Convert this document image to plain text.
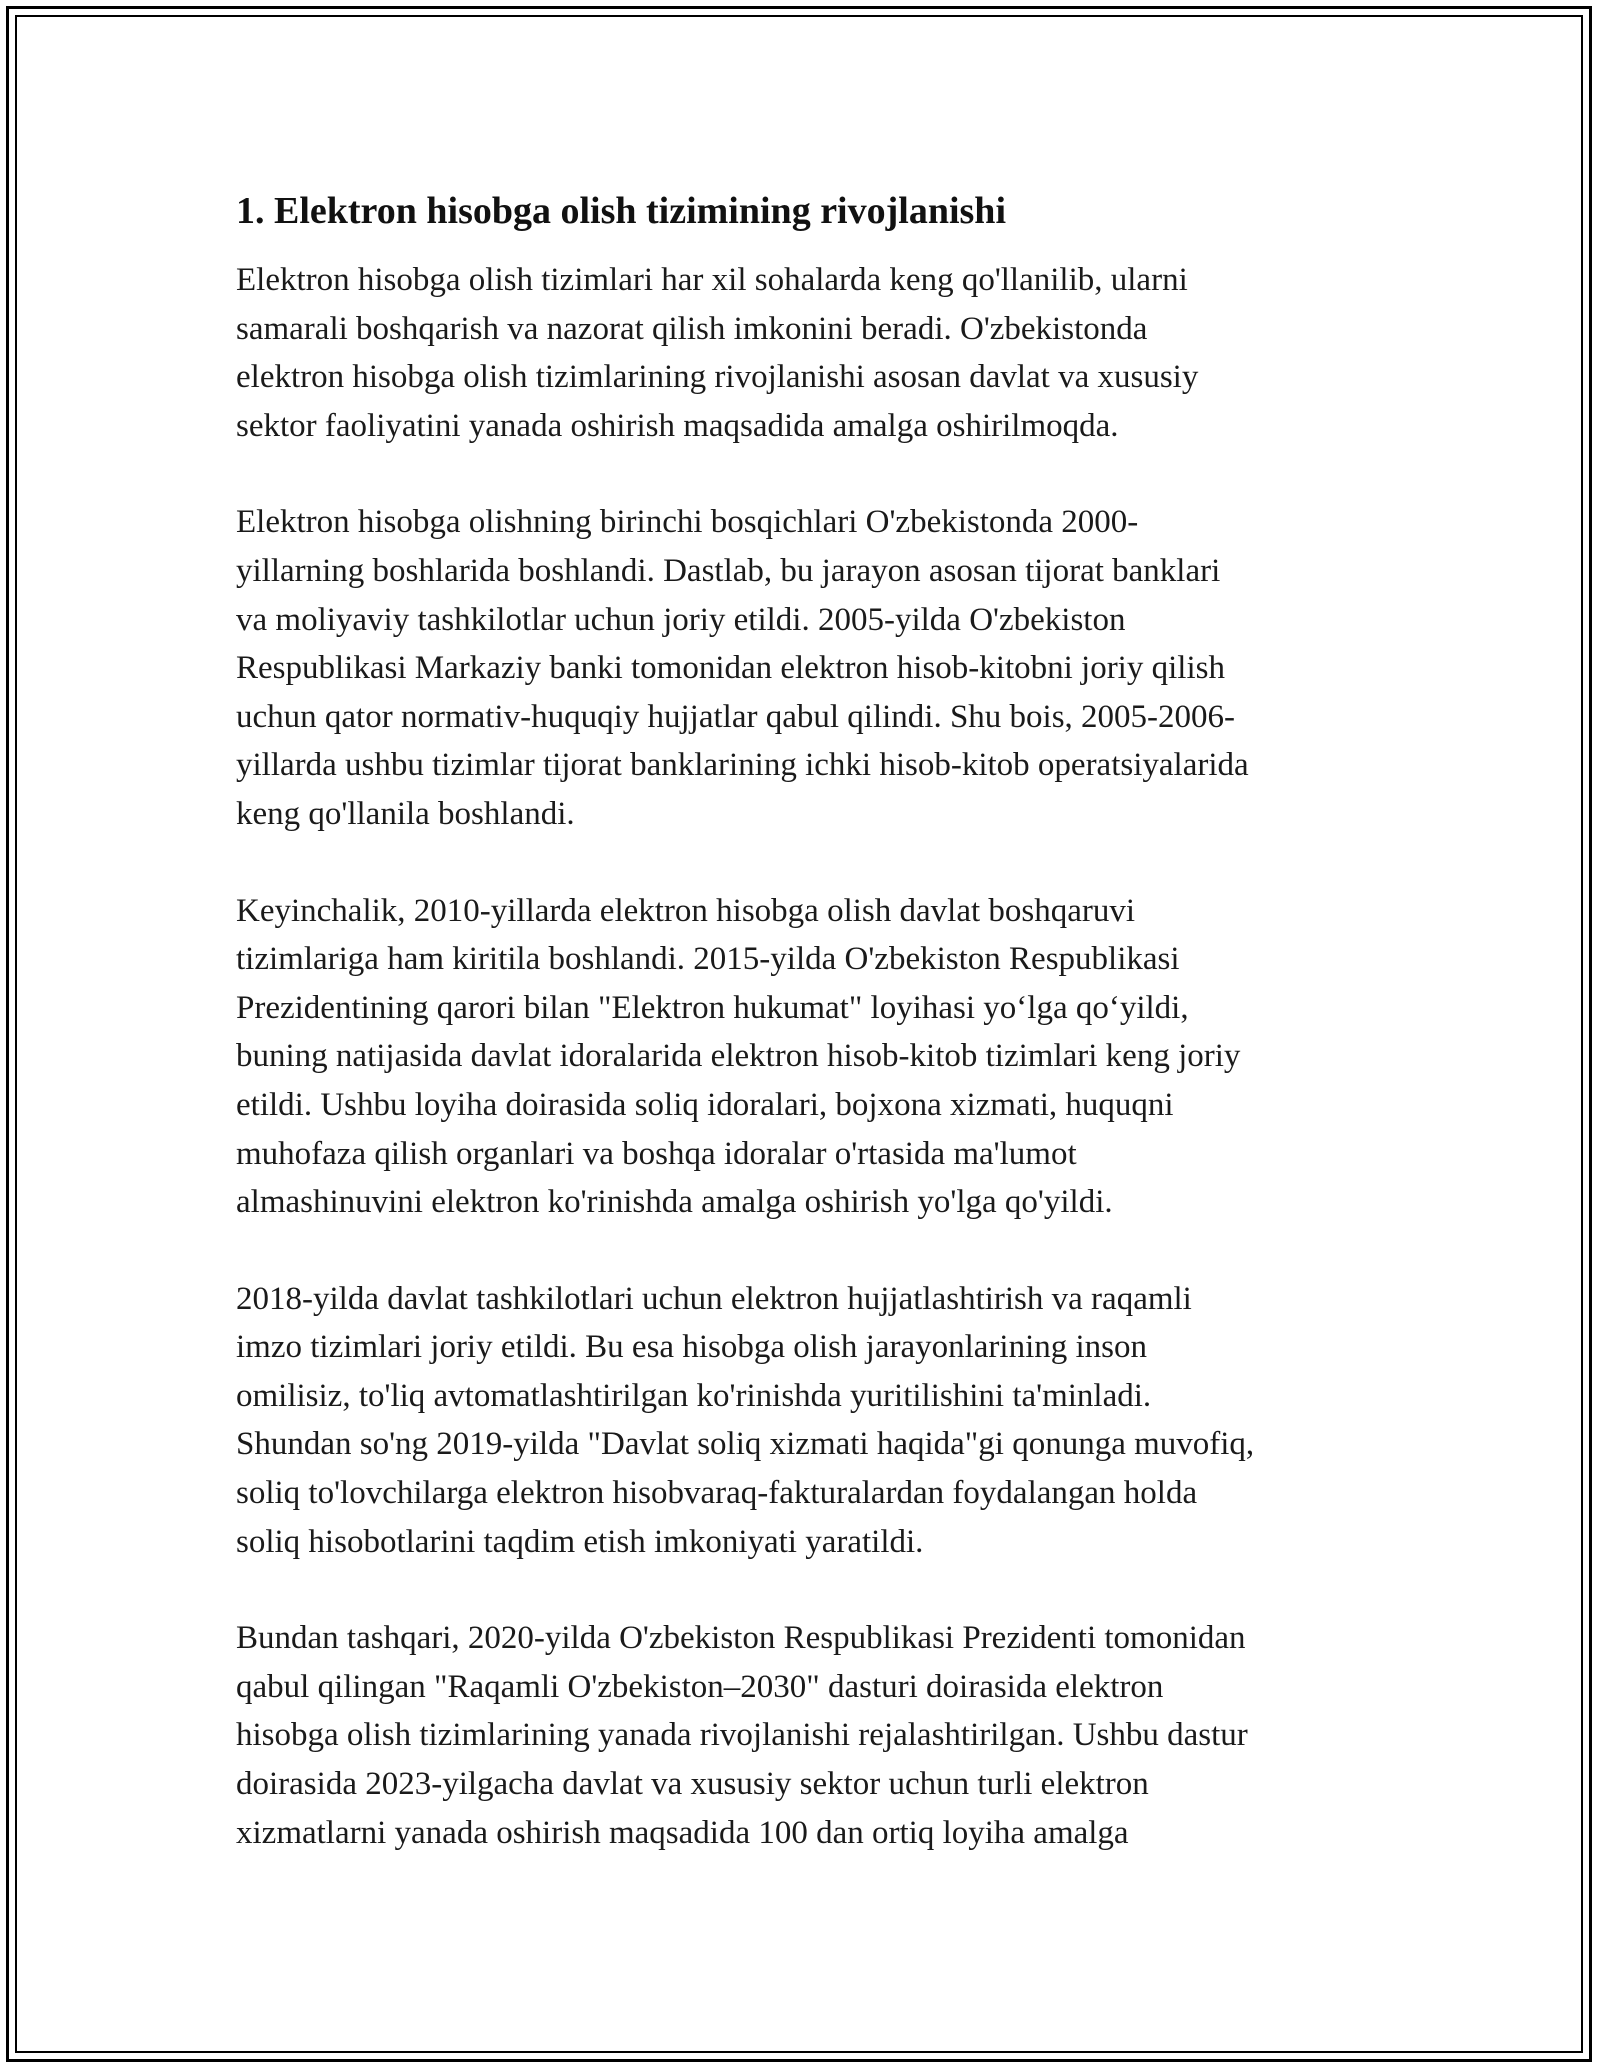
1. Elektron hisobga olish tizimining rivojlanishi

Elektron hisobga olish tizimlari har xil sohalarda keng qo'llanilib, ularni
samarali boshqarish va nazorat qilish imkonini beradi. O'zbekistonda
elektron hisobga olish tizimlarining rivojlanishi asosan davlat va xususiy
sektor faoliyatini yanada oshirish maqsadida amalga oshirilmoqda.

Elektron hisobga olishning birinchi bosqichlari O'zbekistonda 2000-
yillarning boshlarida boshlandi. Dastlab, bu jarayon asosan tijorat banklari
va moliyaviy tashkilotlar uchun joriy etildi. 2005-yilda O'zbekiston
Respublikasi Markaziy banki tomonidan elektron hisob-kitobni joriy qilish
uchun qator normativ-huquqiy hujjatlar qabul qilindi. Shu bois, 2005-2006-
yillarda ushbu tizimlar tijorat banklarining ichki hisob-kitob operatsiyalarida
keng qo'llanila boshlandi.

Keyinchalik, 2010-yillarda elektron hisobga olish davlat boshqaruvi
tizimlariga ham kiritila boshlandi. 2015-yilda O'zbekiston Respublikasi
Prezidentining qarori bilan "Elektron hukumat" loyihasi yo‘lga qo‘yildi,
buning natijasida davlat idoralarida elektron hisob-kitob tizimlari keng joriy
etildi. Ushbu loyiha doirasida soliq idoralari, bojxona xizmati, huquqni
muhofaza qilish organlari va boshqa idoralar o'rtasida ma'lumot
almashinuvini elektron ko'rinishda amalga oshirish yo'lga qo'yildi.

2018-yilda davlat tashkilotlari uchun elektron hujjatlashtirish va raqamli
imzo tizimlari joriy etildi. Bu esa hisobga olish jarayonlarining inson
omilisiz, to'liq avtomatlashtirilgan ko'rinishda yuritilishini ta'minladi.
Shundan so'ng 2019-yilda "Davlat soliq xizmati haqida"gi qonunga muvofiq,
soliq to'lovchilarga elektron hisobvaraq-fakturalardan foydalangan holda
soliq hisobotlarini taqdim etish imkoniyati yaratildi.

Bundan tashqari, 2020-yilda O'zbekiston Respublikasi Prezidenti tomonidan
qabul qilingan "Raqamli O'zbekiston–2030" dasturi doirasida elektron
hisobga olish tizimlarining yanada rivojlanishi rejalashtirilgan. Ushbu dastur
doirasida 2023-yilgacha davlat va xususiy sektor uchun turli elektron
xizmatlarni yanada oshirish maqsadida 100 dan ortiq loyiha amalga
